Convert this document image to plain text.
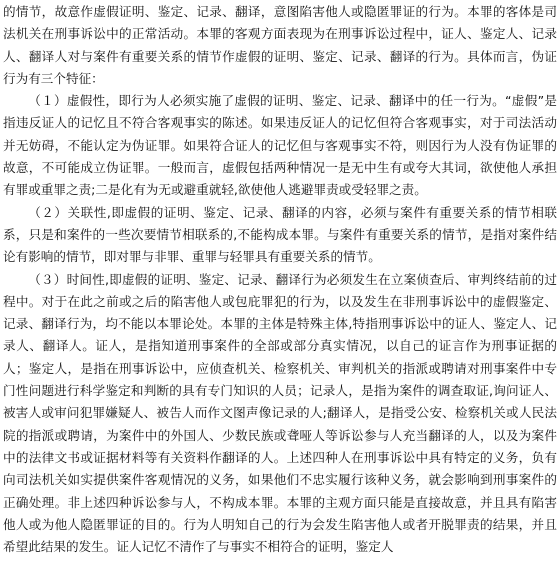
的情节，故意作虚假证明、鉴定、记录、翻译，意图陷害他人或隐匿罪证的行为。本罪的客体是司法机关在刑事诉讼中的正常活动。本罪的客观方面表现为在刑事诉讼过程中，证人、鉴定人、记录人、翻译人对与案件有重要关系的情节作虚假的证明、鉴定、记录、翻译的行为。具体而言，伪证行为有三个特征：

（１）虚假性，即行为人必须实施了虚假的证明、鉴定、记录、翻译中的任一行为。“虚假”是指违反证人的记忆且不符合客观事实的陈述。如果违反证人的记忆但符合客观事实，对于司法活动并无妨碍，不能认定为伪证罪。如果符合证人的记忆但与客观事实不符，则因行为人没有伪证罪的故意，不可能成立伪证罪。一般而言，虚假包括两种情况一是无中生有或夸大其词，欲使他人承担有罪或重罪之责;二是化有为无或避重就轻,欲使他人逃避罪责或受轻罪之责。

（２）关联性,即虚假的证明、鉴定、记录、翻译的内容，必须与案件有重要关系的情节相联系，只是和案件的一些次要情节相联系的,不能构成本罪。与案件有重要关系的情节，是指对案件结论有影响的情节，即对罪与非罪、重罪与轻罪具有重要关系的情节。

（３）时间性,即虚假的证明、鉴定、记录、翻译行为必须发生在立案侦查后、审判终结前的过程中。对于在此之前或之后的陷害他人或包庇罪犯的行为，以及发生在非刑事诉讼中的虚假鉴定、记录、翻译行为，均不能以本罪论处。本罪的主体是特殊主体,特指刑事诉讼中的证人、鉴定人、记录人、翻译人。证人，是指知道刑事案件的全部或部分真实情况，以自己的证言作为刑事证据的人；鉴定人，是指在刑事诉讼中，应侦查机关、检察机关、审判机关的指派或聘请对刑事案件中专门性问题进行科学鉴定和判断的具有专门知识的人员；记录人，是指为案件的调查取证,询问证人、被害人或审问犯罪嫌疑人、被告人而作文图声像记录的人;翻译人，是指受公安、检察机关或人民法院的指派或聘请，为案件中的外国人、少数民族或聋哑人等诉讼参与人充当翻译的人，以及为案件中的法律文书或证据材料等有关资料作翻译的人。上述四种人在刑事诉讼中具有特定的义务，负有向司法机关如实提供案件客观情况的义务，如果他们不忠实履行该种义务，就会影响到刑事案件的正确处理。非上述四种诉讼参与人，不构成本罪。本罪的主观方面只能是直接故意，并且具有陷害他人或为他人隐匿罪证的目的。行为人明知自己的行为会发生陷害他人或者开脱罪责的结果，并且希望此结果的发生。证人记忆不清作了与事实不相符合的证明，鉴定人
